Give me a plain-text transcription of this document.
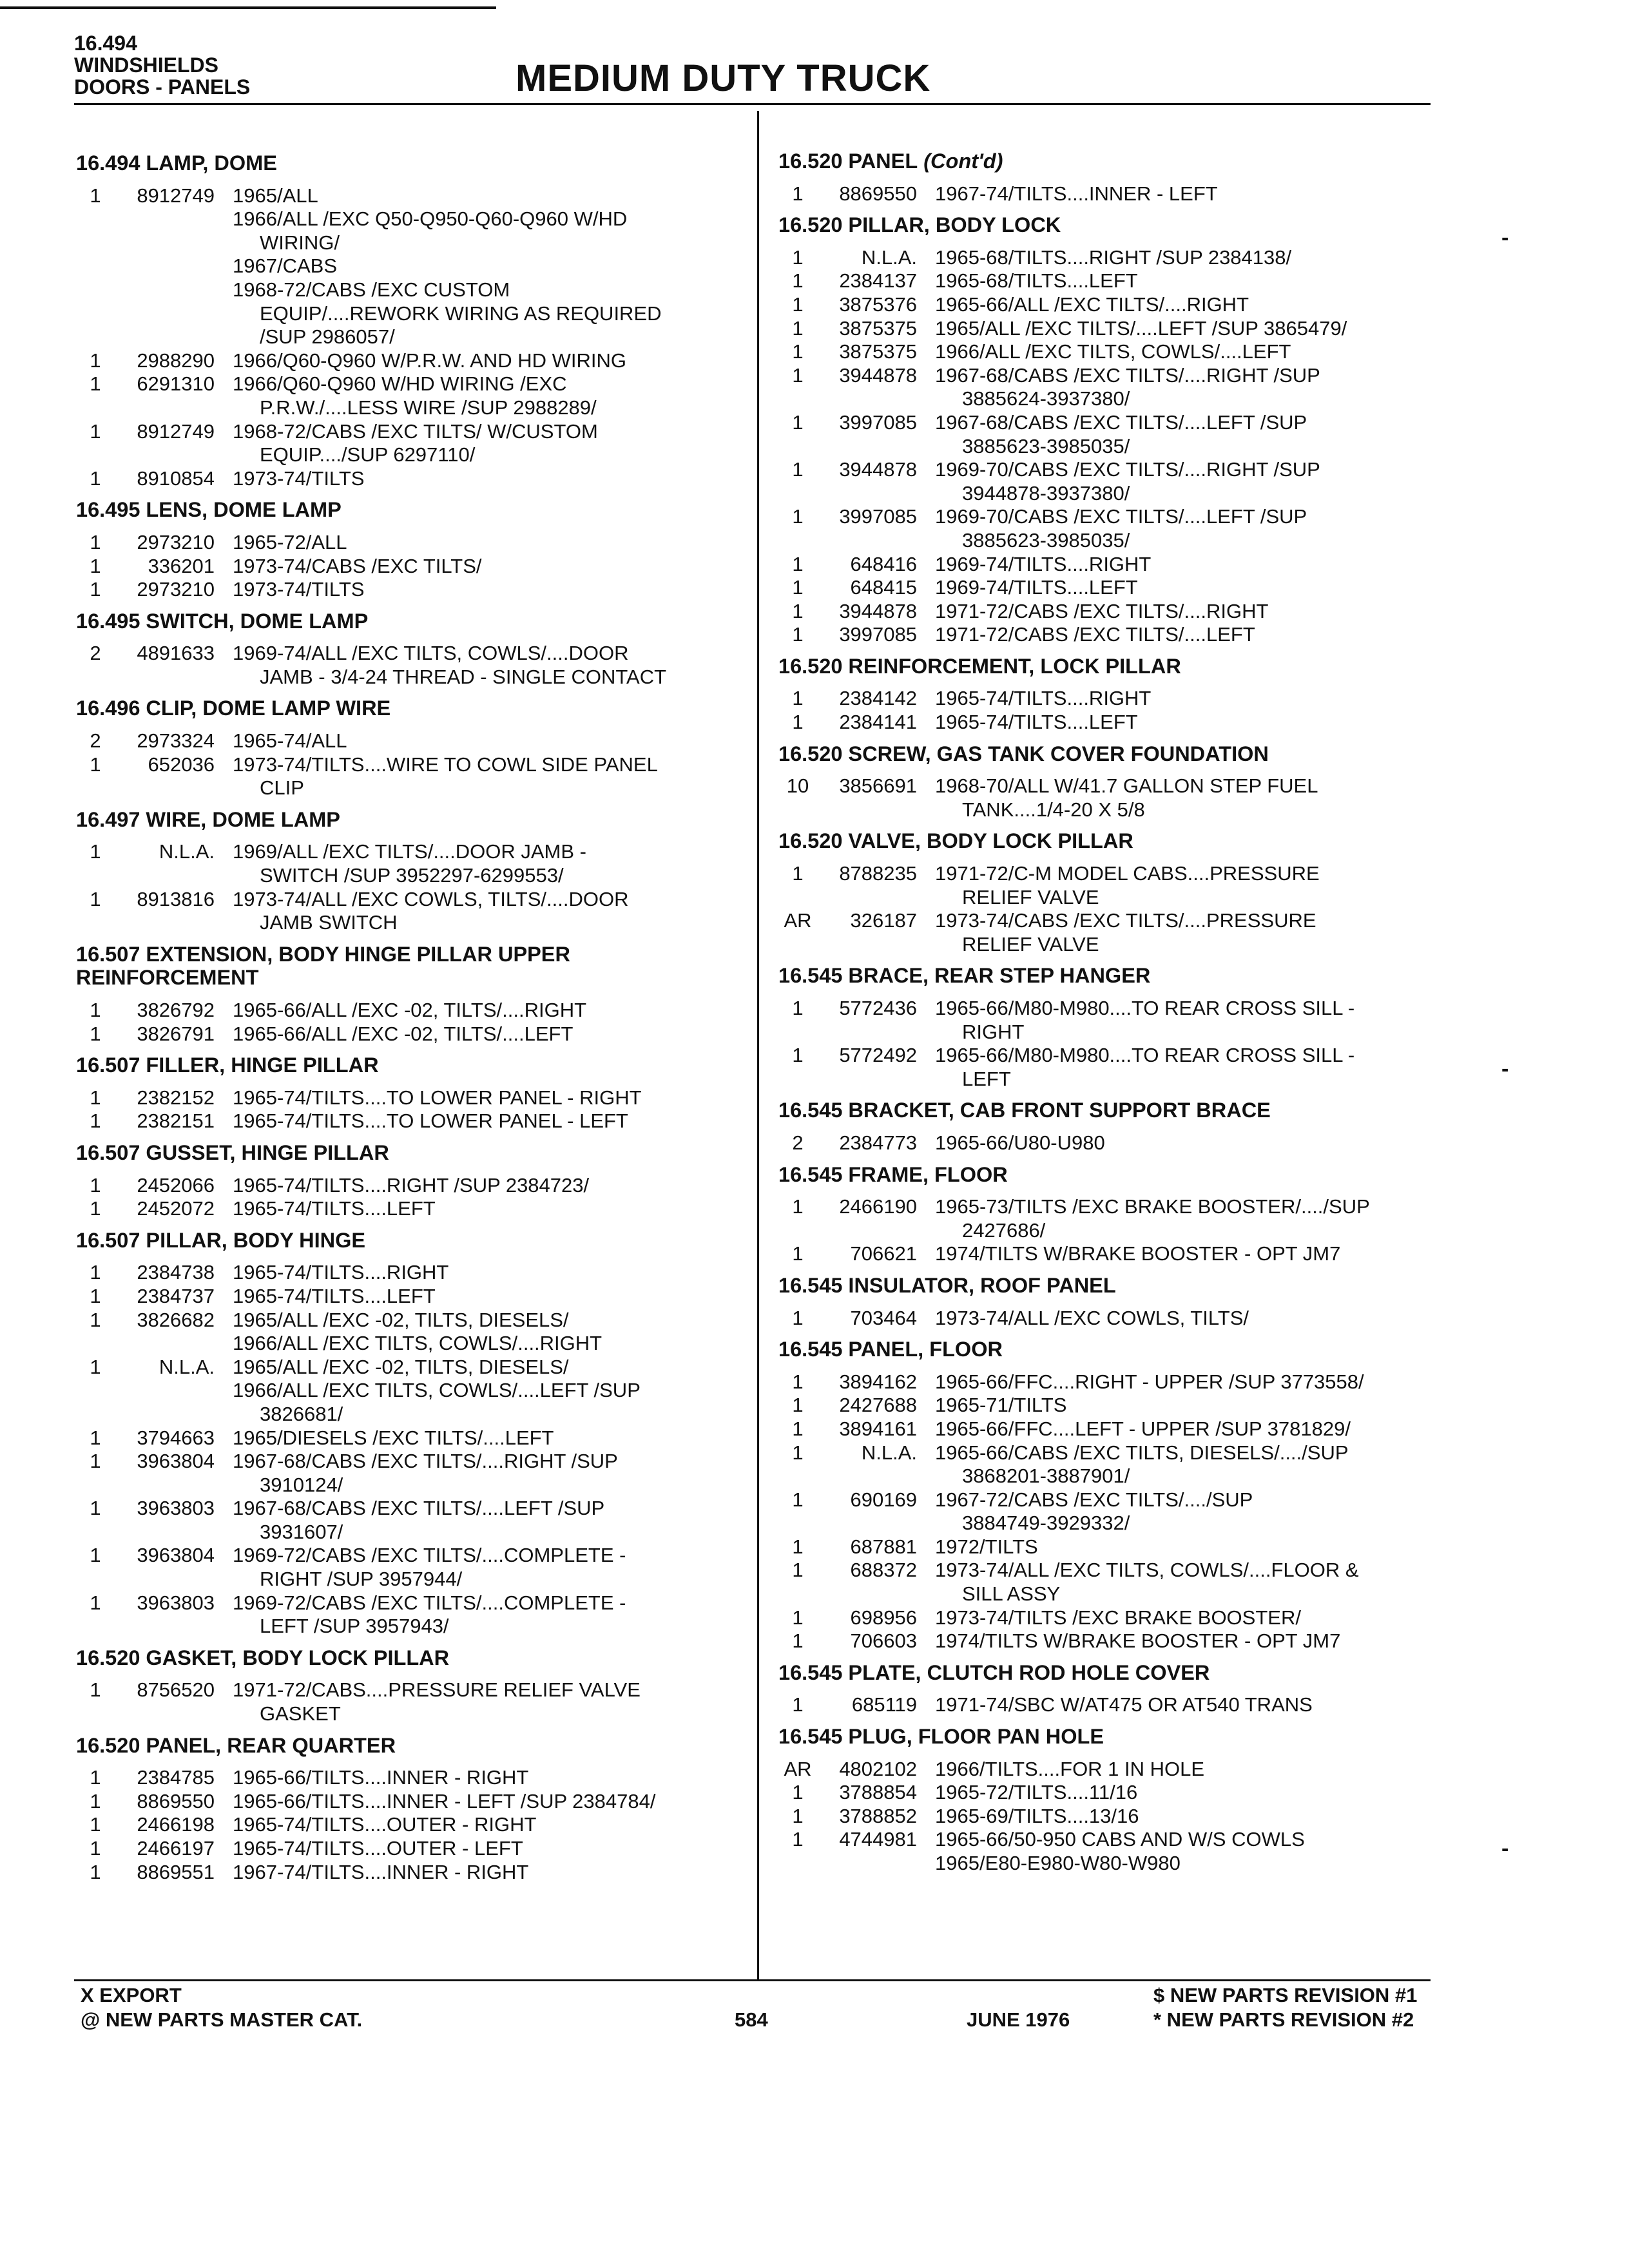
16.494
WINDSHIELDS
DOORS - PANELS	MEDIUM DUTY TRUCK
16.494 LAMP, DOME
1	8912749 1965/ALL
1966/ALL /EXC Q50-Q950-Q60-Q960 W/HD
WIRING/
1967/CABS
1968-72/CABS /EXC CUSTOM
EQUIP/....REWORK WIRING AS REQUIRED
/SUP 2986057/
1	2988290 1966/Q60-Q960 W/P.R.W. AND HD WIRING
1	6291310 1966/Q60-Q960 W/HD WIRING /EXC
P.R.W./....LESS WIRE /SUP 2988289/
1	8912749 1968-72/CABS /EXC TILTS/ W/CUSTOM
EQUIP..../SUP 6297110/
1	8910854 1973-74/TILTS
16.495 LENS, DOME LAMP
1	2973210 1965-72/ALL
1	336201 1973-74/CABS /EXC TILTS/
1	2973210 1973-74/TILTS
16.495 SWITCH, DOME LAMP
2	4891633 1969-74/ALL /EXC TILTS, COWLS/....DOOR
JAMB - 3/4-24 THREAD - SINGLE CONTACT
16.496 CLIP, DOME LAMP WIRE
2	2973324 1965-74/ALL
1	652036 1973-74/TILTS....WIRE TO COWL SIDE PANEL
CLIP
16.497 WIRE, DOME LAMP
1	N.L.A. 1969/ALL /EXC TILTS/....DOOR JAMB -
SWITCH /SUP 3952297-6299553/
1	8913816 1973-74/ALL /EXC COWLS, TILTS/....DOOR
JAMB SWITCH
16.507 EXTENSION, BODY HINGE PILLAR UPPER REINFORCEMENT
1	3826792 1965-66/ALL /EXC -02, TILTS/....RIGHT
1	3826791 1965-66/ALL /EXC -02, TILTS/....LEFT
16.507 FILLER, HINGE PILLAR
1	2382152 1965-74/TILTS....TO LOWER PANEL - RIGHT
1	2382151 1965-74/TILTS....TO LOWER PANEL - LEFT
16.507 GUSSET, HINGE PILLAR
1	2452066 1965-74/TILTS....RIGHT /SUP 2384723/
1	2452072 1965-74/TILTS....LEFT
16.507 PILLAR, BODY HINGE
1	2384738 1965-74/TILTS....RIGHT
1	2384737 1965-74/TILTS....LEFT
1	3826682 1965/ALL /EXC -02, TILTS, DIESELS/
1966/ALL /EXC TILTS, COWLS/....RIGHT
1	N.L.A. 1965/ALL /EXC -02, TILTS, DIESELS/
1966/ALL /EXC TILTS, COWLS/....LEFT /SUP
3826681/
1	3794663 1965/DIESELS /EXC TILTS/....LEFT
1	3963804 1967-68/CABS /EXC TILTS/....RIGHT /SUP
3910124/
1	3963803 1967-68/CABS /EXC TILTS/....LEFT /SUP
3931607/
1	3963804 1969-72/CABS /EXC TILTS/....COMPLETE -
RIGHT /SUP 3957944/
1	3963803 1969-72/CABS /EXC TILTS/....COMPLETE -
LEFT /SUP 3957943/
16.520 GASKET, BODY LOCK PILLAR
1	8756520 1971-72/CABS....PRESSURE RELIEF VALVE
GASKET
16.520 PANEL, REAR QUARTER
1	2384785 1965-66/TILTS....INNER - RIGHT
1	8869550 1965-66/TILTS....INNER - LEFT /SUP 2384784/
1	2466198 1965-74/TILTS....OUTER - RIGHT
1	2466197 1965-74/TILTS....OUTER - LEFT
1	8869551 1967-74/TILTS....INNER - RIGHT
16.520 PANEL (Cont'd)
1	8869550 1967-74/TILTS....INNER - LEFT
16.520 PILLAR, BODY LOCK
1	N.L.A. 1965-68/TILTS....RIGHT /SUP 2384138/
1	2384137 1965-68/TILTS....LEFT
1	3875376 1965-66/ALL /EXC TILTS/....RIGHT
1	3875375 1965/ALL /EXC TILTS/....LEFT /SUP 3865479/
1	3875375 1966/ALL /EXC TILTS, COWLS/....LEFT
1	3944878 1967-68/CABS /EXC TILTS/....RIGHT /SUP
3885624-3937380/
1	3997085 1967-68/CABS /EXC TILTS/....LEFT /SUP
3885623-3985035/
1	3944878 1969-70/CABS /EXC TILTS/....RIGHT /SUP
3944878-3937380/
1	3997085 1969-70/CABS /EXC TILTS/....LEFT /SUP
3885623-3985035/
1	648416 1969-74/TILTS....RIGHT
1	648415 1969-74/TILTS....LEFT
1	3944878 1971-72/CABS /EXC TILTS/....RIGHT
1	3997085 1971-72/CABS /EXC TILTS/....LEFT
16.520 REINFORCEMENT, LOCK PILLAR
1	2384142 1965-74/TILTS....RIGHT
1	2384141 1965-74/TILTS....LEFT
16.520 SCREW, GAS TANK COVER FOUNDATION
10	3856691 1968-70/ALL W/41.7 GALLON STEP FUEL
TANK....1/4-20 X 5/8
16.520 VALVE, BODY LOCK PILLAR
1	8788235 1971-72/C-M MODEL CABS....PRESSURE
RELIEF VALVE
AR	326187 1973-74/CABS /EXC TILTS/....PRESSURE
RELIEF VALVE
16.545 BRACE, REAR STEP HANGER
1	5772436 1965-66/M80-M980....TO REAR CROSS SILL -
RIGHT
1	5772492 1965-66/M80-M980....TO REAR CROSS SILL -
LEFT
16.545 BRACKET, CAB FRONT SUPPORT BRACE
2	2384773 1965-66/U80-U980
16.545 FRAME, FLOOR
1	2466190 1965-73/TILTS /EXC BRAKE BOOSTER/..../SUP
2427686/
1	706621 1974/TILTS W/BRAKE BOOSTER - OPT JM7
16.545 INSULATOR, ROOF PANEL
1	703464 1973-74/ALL /EXC COWLS, TILTS/
16.545 PANEL, FLOOR
1	3894162 1965-66/FFC....RIGHT - UPPER /SUP 3773558/
1	2427688 1965-71/TILTS
1	3894161 1965-66/FFC....LEFT - UPPER /SUP 3781829/
1	N.L.A. 1965-66/CABS /EXC TILTS, DIESELS/..../SUP
3868201-3887901/
1	690169 1967-72/CABS /EXC TILTS/..../SUP
3884749-3929332/
1	687881 1972/TILTS
1	688372 1973-74/ALL /EXC TILTS, COWLS/....FLOOR &
SILL ASSY
1	698956 1973-74/TILTS /EXC BRAKE BOOSTER/
1	706603 1974/TILTS W/BRAKE BOOSTER - OPT JM7
16.545 PLATE, CLUTCH ROD HOLE COVER
1	685119 1971-74/SBC W/AT475 OR AT540 TRANS
16.545 PLUG, FLOOR PAN HOLE
AR	4802102 1966/TILTS....FOR 1 IN HOLE
1	3788854 1965-72/TILTS....11/16
1	3788852 1965-69/TILTS....13/16
1	4744981 1965-66/50-950 CABS AND W/S COWLS
1965/E80-E980-W80-W980
X EXPORT
@ NEW PARTS MASTER CAT.	584	JUNE 1976
$ NEW PARTS REVISION #1
* NEW PARTS REVISION #2
-
-
-
